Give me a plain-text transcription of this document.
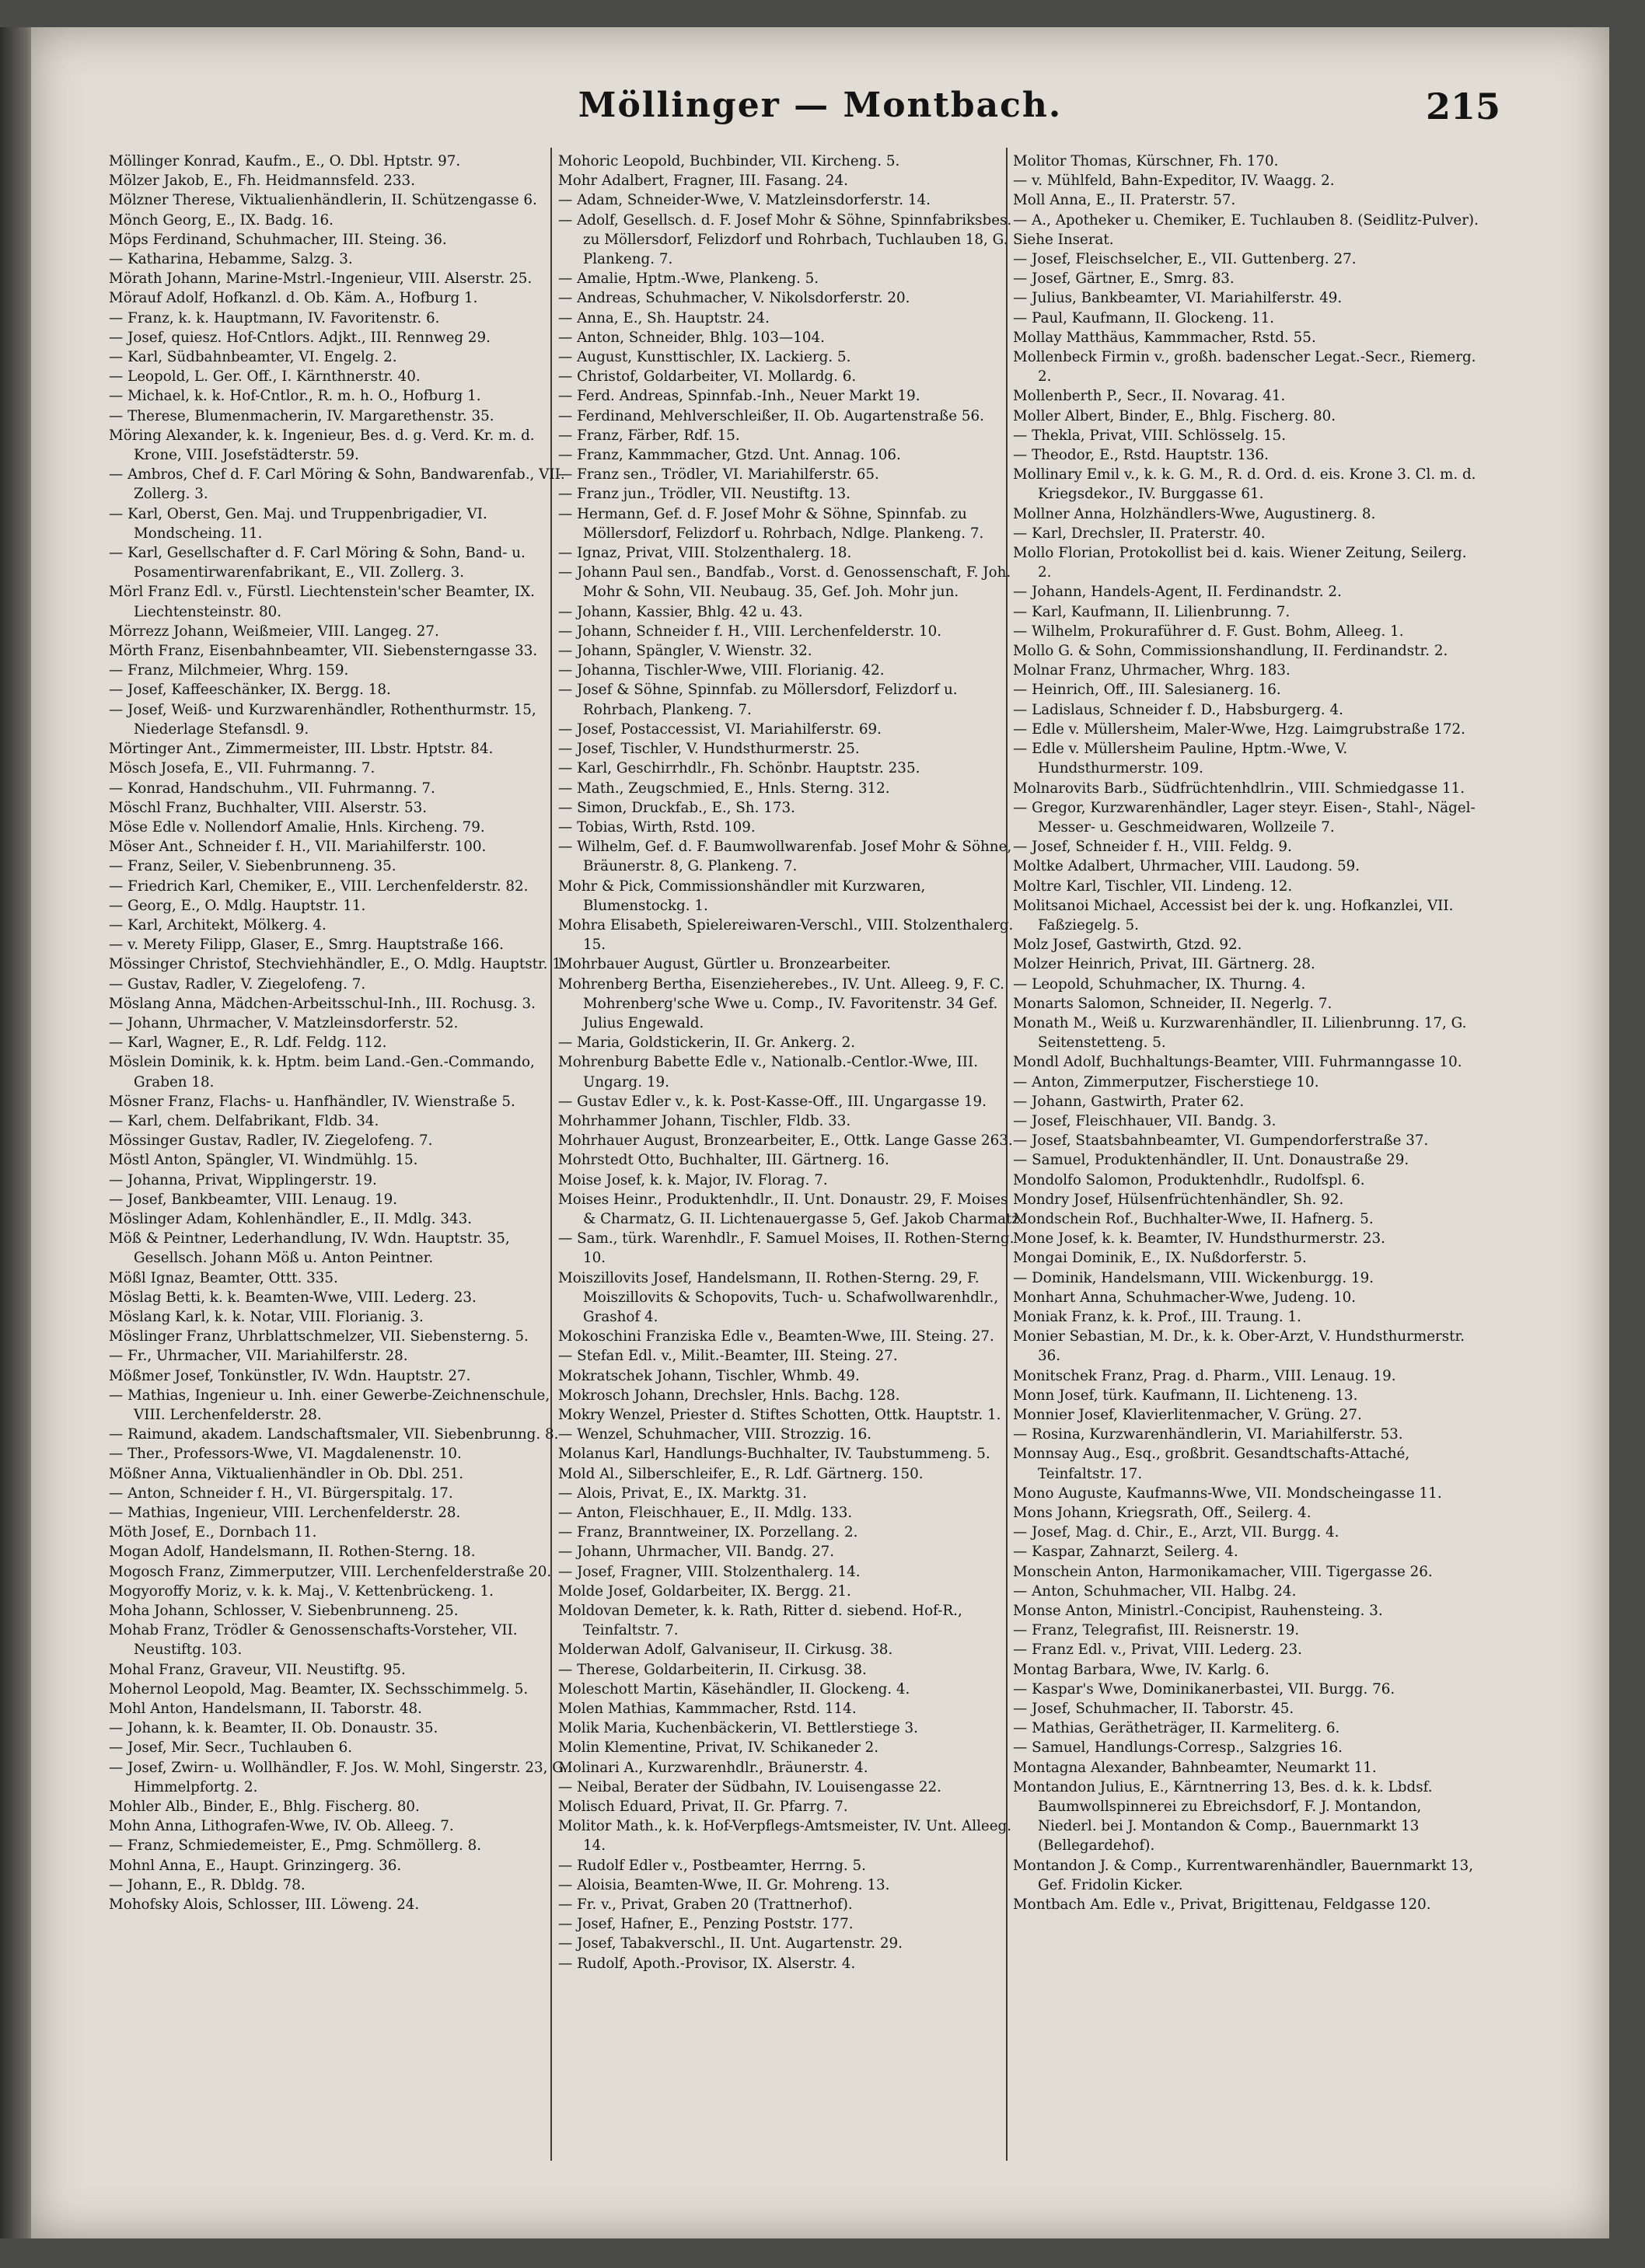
Möllinger — Montbach.	215

Möllinger Konrad, Kaufm., E., O. Dbl. Hptstr. 97.

Mölzer Jakob, E., Fh. Heidmannsfeld. 233.

Mölzner Therese, Viktualienhändlerin, II. Schützengasse 6.

Mönch Georg, E., IX. Badg. 16.

Möps Ferdinand, Schuhmacher, III. Steing. 36.

— Katharina, Hebamme, Salzg. 3.

Mörath Johann, Marine-Mstrl.-Ingenieur, VIII. Alserstr. 25.

Mörauf Adolf, Hofkanzl. d. Ob. Käm. A., Hofburg 1.

— Franz, k. k. Hauptmann, IV. Favoritenstr. 6.

— Josef, quiesz. Hof-Cntlors. Adjkt., III. Rennweg 29.

— Karl, Südbahnbeamter, VI. Engelg. 2.

— Leopold, L. Ger. Off., I. Kärnthnerstr. 40.

— Michael, k. k. Hof-Cntlor., R. m. h. O., Hofburg 1.

— Therese, Blumenmacherin, IV. Margarethenstr. 35.

Möring Alexander, k. k. Ingenieur, Bes. d. g. Verd. Kr. m. d. Krone, VIII. Josefstädterstr. 59.

— Ambros, Chef d. F. Carl Möring & Sohn, Bandwarenfab., VII. Zollerg. 3.

— Karl, Oberst, Gen. Maj. und Truppenbrigadier, VI. Mondscheing. 11.

— Karl, Gesellschafter d. F. Carl Möring & Sohn, Band- u. Posamentirwarenfabrikant, E., VII. Zollerg. 3.

Mörl Franz Edl. v., Fürstl. Liechtenstein'scher Beamter, IX. Liechtensteinstr. 80.

Mörrezz Johann, Weißmeier, VIII. Langeg. 27.

Mörth Franz, Eisenbahnbeamter, VII. Siebensterngasse 33.

— Franz, Milchmeier, Whrg. 159.

— Josef, Kaffeeschänker, IX. Bergg. 18.

— Josef, Weiß- und Kurzwarenhändler, Rothenthurmstr. 15, Niederlage Stefansdl. 9.

Mörtinger Ant., Zimmermeister, III. Lbstr. Hptstr. 84.

Mösch Josefa, E., VII. Fuhrmanng. 7.

— Konrad, Handschuhm., VII. Fuhrmanng. 7.

Möschl Franz, Buchhalter, VIII. Alserstr. 53.

Möse Edle v. Nollendorf Amalie, Hnls. Kircheng. 79.

Möser Ant., Schneider f. H., VII. Mariahilferstr. 100.

— Franz, Seiler, V. Siebenbrunneng. 35.

— Friedrich Karl, Chemiker, E., VIII. Lerchenfelderstr. 82.

— Georg, E., O. Mdlg. Hauptstr. 11.

— Karl, Architekt, Mölkerg. 4.

— v. Merety Filipp, Glaser, E., Smrg. Hauptstraße 166.

Mössinger Christof, Stechviehhändler, E., O. Mdlg. Hauptstr. 1.

— Gustav, Radler, V. Ziegelofeng. 7.

Möslang Anna, Mädchen-Arbeitsschul-Inh., III. Rochusg. 3.

— Johann, Uhrmacher, V. Matzleinsdorferstr. 52.

— Karl, Wagner, E., R. Ldf. Feldg. 112.

Möslein Dominik, k. k. Hptm. beim Land.-Gen.-Commando, Graben 18.

Mösner Franz, Flachs- u. Hanfhändler, IV. Wienstraße 5.

— Karl, chem. Delfabrikant, Fldb. 34.

Mössinger Gustav, Radler, IV. Ziegelofeng. 7.

Möstl Anton, Spängler, VI. Windmühlg. 15.

— Johanna, Privat, Wipplingerstr. 19.

— Josef, Bankbeamter, VIII. Lenaug. 19.

Möslinger Adam, Kohlenhändler, E., II. Mdlg. 343.

Möß & Peintner, Lederhandlung, IV. Wdn. Hauptstr. 35, Gesellsch. Johann Möß u. Anton Peintner.

Mößl Ignaz, Beamter, Ottt. 335.

Möslag Betti, k. k. Beamten-Wwe, VIII. Lederg. 23.

Möslang Karl, k. k. Notar, VIII. Florianig. 3.

Möslinger Franz, Uhrblattschmelzer, VII. Siebensterng. 5.

— Fr., Uhrmacher, VII. Mariahilferstr. 28.

Mößmer Josef, Tonkünstler, IV. Wdn. Hauptstr. 27.

— Mathias, Ingenieur u. Inh. einer Gewerbe-Zeichnenschule, VIII. Lerchenfelderstr. 28.

— Raimund, akadem. Landschaftsmaler, VII. Siebenbrunng. 8.

— Ther., Professors-Wwe, VI. Magdalenenstr. 10.

Mößner Anna, Viktualienhändler in Ob. Dbl. 251.

— Anton, Schneider f. H., VI. Bürgerspitalg. 17.

— Mathias, Ingenieur, VIII. Lerchenfelderstr. 28.

Möth Josef, E., Dornbach 11.

Mogan Adolf, Handelsmann, II. Rothen-Sterng. 18.

Mogosch Franz, Zimmerputzer, VIII. Lerchenfelderstraße 20.

Mogyoroffy Moriz, v. k. k. Maj., V. Kettenbrückeng. 1.

Moha Johann, Schlosser, V. Siebenbrunneng. 25.

Mohab Franz, Trödler & Genossenschafts-Vorsteher, VII. Neustiftg. 103.

Mohal Franz, Graveur, VII. Neustiftg. 95.

Mohernol Leopold, Mag. Beamter, IX. Sechsschimmelg. 5.

Mohl Anton, Handelsmann, II. Taborstr. 48.

— Johann, k. k. Beamter, II. Ob. Donaustr. 35.

— Josef, Mir. Secr., Tuchlauben 6.

— Josef, Zwirn- u. Wollhändler, F. Jos. W. Mohl, Singerstr. 23, G. Himmelpfortg. 2.

Mohler Alb., Binder, E., Bhlg. Fischerg. 80.

Mohn Anna, Lithografen-Wwe, IV. Ob. Alleeg. 7.

— Franz, Schmiedemeister, E., Pmg. Schmöllerg. 8.

Mohnl Anna, E., Haupt. Grinzingerg. 36.

— Johann, E., R. Dbldg. 78.

Mohofsky Alois, Schlosser, III. Löweng. 24.

Mohoric Leopold, Buchbinder, VII. Kircheng. 5.

Mohr Adalbert, Fragner, III. Fasang. 24.

— Adam, Schneider-Wwe, V. Matzleinsdorferstr. 14.

— Adolf, Gesellsch. d. F. Josef Mohr & Söhne, Spinnfabriksbes. zu Möllersdorf, Felizdorf und Rohrbach, Tuchlauben 18, G. Plankeng. 7.

— Amalie, Hptm.-Wwe, Plankeng. 5.

— Andreas, Schuhmacher, V. Nikolsdorferstr. 20.

— Anna, E., Sh. Hauptstr. 24.

— Anton, Schneider, Bhlg. 103—104.

— August, Kunsttischler, IX. Lackierg. 5.

— Christof, Goldarbeiter, VI. Mollardg. 6.

— Ferd. Andreas, Spinnfab.-Inh., Neuer Markt 19.

— Ferdinand, Mehlverschleißer, II. Ob. Augartenstraße 56.

— Franz, Färber, Rdf. 15.

— Franz, Kammmacher, Gtzd. Unt. Annag. 106.

— Franz sen., Trödler, VI. Mariahilferstr. 65.

— Franz jun., Trödler, VII. Neustiftg. 13.

— Hermann, Gef. d. F. Josef Mohr & Söhne, Spinnfab. zu Möllersdorf, Felizdorf u. Rohrbach, Ndlge. Plankeng. 7.

— Ignaz, Privat, VIII. Stolzenthalerg. 18.

— Johann Paul sen., Bandfab., Vorst. d. Genossenschaft, F. Joh. Mohr & Sohn, VII. Neubaug. 35, Gef. Joh. Mohr jun.

— Johann, Kassier, Bhlg. 42 u. 43.

— Johann, Schneider f. H., VIII. Lerchenfelderstr. 10.

— Johann, Spängler, V. Wienstr. 32.

— Johanna, Tischler-Wwe, VIII. Florianig. 42.

— Josef & Söhne, Spinnfab. zu Möllersdorf, Felizdorf u. Rohrbach, Plankeng. 7.

— Josef, Postaccessist, VI. Mariahilferstr. 69.

— Josef, Tischler, V. Hundsthurmerstr. 25.

— Karl, Geschirrhdlr., Fh. Schönbr. Hauptstr. 235.

— Math., Zeugschmied, E., Hnls. Sterng. 312.

— Simon, Druckfab., E., Sh. 173.

— Tobias, Wirth, Rstd. 109.

— Wilhelm, Gef. d. F. Baumwollwarenfab. Josef Mohr & Söhne, Bräunerstr. 8, G. Plankeng. 7.

Mohr & Pick, Commissionshändler mit Kurzwaren, Blumenstockg. 1.

Mohra Elisabeth, Spielereiwaren-Verschl., VIII. Stolzenthalerg. 15.

Mohrbauer August, Gürtler u. Bronzearbeiter.

Mohrenberg Bertha, Eisenzieherebes., IV. Unt. Alleeg. 9, F. C. Mohrenberg'sche Wwe u. Comp., IV. Favoritenstr. 34 Gef. Julius Engewald.

— Maria, Goldstickerin, II. Gr. Ankerg. 2.

Mohrenburg Babette Edle v., Nationalb.-Centlor.-Wwe, III. Ungarg. 19.

— Gustav Edler v., k. k. Post-Kasse-Off., III. Ungargasse 19.

Mohrhammer Johann, Tischler, Fldb. 33.

Mohrhauer August, Bronzearbeiter, E., Ottk. Lange Gasse 263.

Mohrstedt Otto, Buchhalter, III. Gärtnerg. 16.

Moise Josef, k. k. Major, IV. Florag. 7.

Moises Heinr., Produktenhdlr., II. Unt. Donaustr. 29, F. Moises & Charmatz, G. II. Lichtenauergasse 5, Gef. Jakob Charmatz.

— Sam., türk. Warenhdlr., F. Samuel Moises, II. Rothen-Sterng. 10.

Moiszillovits Josef, Handelsmann, II. Rothen-Sterng. 29, F. Moiszillovits & Schopovits, Tuch- u. Schafwollwarenhdlr., Grashof 4.

Mokoschini Franziska Edle v., Beamten-Wwe, III. Steing. 27.

— Stefan Edl. v., Milit.-Beamter, III. Steing. 27.

Mokratschek Johann, Tischler, Whmb. 49.

Mokrosch Johann, Drechsler, Hnls. Bachg. 128.

Mokry Wenzel, Priester d. Stiftes Schotten, Ottk. Hauptstr. 1.

— Wenzel, Schuhmacher, VIII. Strozzig. 16.

Molanus Karl, Handlungs-Buchhalter, IV. Taubstummeng. 5.

Mold Al., Silberschleifer, E., R. Ldf. Gärtnerg. 150.

— Alois, Privat, E., IX. Marktg. 31.

— Anton, Fleischhauer, E., II. Mdlg. 133.

— Franz, Branntweiner, IX. Porzellang. 2.

— Johann, Uhrmacher, VII. Bandg. 27.

— Josef, Fragner, VIII. Stolzenthalerg. 14.

Molde Josef, Goldarbeiter, IX. Bergg. 21.

Moldovan Demeter, k. k. Rath, Ritter d. siebend. Hof-R., Teinfaltstr. 7.

Molderwan Adolf, Galvaniseur, II. Cirkusg. 38.

— Therese, Goldarbeiterin, II. Cirkusg. 38.

Moleschott Martin, Käsehändler, II. Glockeng. 4.

Molen Mathias, Kammmacher, Rstd. 114.

Molik Maria, Kuchenbäckerin, VI. Bettlerstiege 3.

Molin Klementine, Privat, IV. Schikaneder 2.

Molinari A., Kurzwarenhdlr., Bräunerstr. 4.

— Neibal, Berater der Südbahn, IV. Louisengasse 22.

Molisch Eduard, Privat, II. Gr. Pfarrg. 7.

Molitor Math., k. k. Hof-Verpflegs-Amtsmeister, IV. Unt. Alleeg. 14.

— Rudolf Edler v., Postbeamter, Herrng. 5.

— Aloisia, Beamten-Wwe, II. Gr. Mohreng. 13.

— Fr. v., Privat, Graben 20 (Trattnerhof).

— Josef, Hafner, E., Penzing Poststr. 177.

— Josef, Tabakverschl., II. Unt. Augartenstr. 29.

— Rudolf, Apoth.-Provisor, IX. Alserstr. 4.

Molitor Thomas, Kürschner, Fh. 170.

— v. Mühlfeld, Bahn-Expeditor, IV. Waagg. 2.

Moll Anna, E., II. Praterstr. 57.

— A., Apotheker u. Chemiker, E. Tuchlauben 8. (Seidlitz-Pulver).

Siehe Inserat.

— Josef, Fleischselcher, E., VII. Guttenberg. 27.

— Josef, Gärtner, E., Smrg. 83.

— Julius, Bankbeamter, VI. Mariahilferstr. 49.

— Paul, Kaufmann, II. Glockeng. 11.

Mollay Matthäus, Kammmacher, Rstd. 55.

Mollenbeck Firmin v., großh. badenscher Legat.-Secr., Riemerg. 2.

Mollenberth P., Secr., II. Novarag. 41.

Moller Albert, Binder, E., Bhlg. Fischerg. 80.

— Thekla, Privat, VIII. Schlösselg. 15.

— Theodor, E., Rstd. Hauptstr. 136.

Mollinary Emil v., k. k. G. M., R. d. Ord. d. eis. Krone 3. Cl. m. d. Kriegsdekor., IV. Burggasse 61.

Mollner Anna, Holzhändlers-Wwe, Augustinerg. 8.

— Karl, Drechsler, II. Praterstr. 40.

Mollo Florian, Protokollist bei d. kais. Wiener Zeitung, Seilerg. 2.

— Johann, Handels-Agent, II. Ferdinandstr. 2.

— Karl, Kaufmann, II. Lilienbrunng. 7.

— Wilhelm, Prokuraführer d. F. Gust. Bohm, Alleeg. 1.

Mollo G. & Sohn, Commissionshandlung, II. Ferdinandstr. 2.

Molnar Franz, Uhrmacher, Whrg. 183.

— Heinrich, Off., III. Salesianerg. 16.

— Ladislaus, Schneider f. D., Habsburgerg. 4.

— Edle v. Müllersheim, Maler-Wwe, Hzg. Laimgrubstraße 172.

— Edle v. Müllersheim Pauline, Hptm.-Wwe, V. Hundsthurmerstr. 109.

Molnarovits Barb., Südfrüchtenhdlrin., VIII. Schmiedgasse 11.

— Gregor, Kurzwarenhändler, Lager steyr. Eisen-, Stahl-, Nägel- Messer- u. Geschmeidwaren, Wollzeile 7.

— Josef, Schneider f. H., VIII. Feldg. 9.

Moltke Adalbert, Uhrmacher, VIII. Laudong. 59.

Moltre Karl, Tischler, VII. Lindeng. 12.

Molitsanoi Michael, Accessist bei der k. ung. Hofkanzlei, VII. Faßziegelg. 5.

Molz Josef, Gastwirth, Gtzd. 92.

Molzer Heinrich, Privat, III. Gärtnerg. 28.

— Leopold, Schuhmacher, IX. Thurng. 4.

Monarts Salomon, Schneider, II. Negerlg. 7.

Monath M., Weiß u. Kurzwarenhändler, II. Lilienbrunng. 17, G. Seitenstetteng. 5.

Mondl Adolf, Buchhaltungs-Beamter, VIII. Fuhrmanngasse 10.

— Anton, Zimmerputzer, Fischerstiege 10.

— Johann, Gastwirth, Prater 62.

— Josef, Fleischhauer, VII. Bandg. 3.

— Josef, Staatsbahnbeamter, VI. Gumpendorferstraße 37.

— Samuel, Produktenhändler, II. Unt. Donaustraße 29.

Mondolfo Salomon, Produktenhdlr., Rudolfspl. 6.

Mondry Josef, Hülsenfrüchtenhändler, Sh. 92.

Mondschein Rof., Buchhalter-Wwe, II. Hafnerg. 5.

Mone Josef, k. k. Beamter, IV. Hundsthurmerstr. 23.

Mongai Dominik, E., IX. Nußdorferstr. 5.

— Dominik, Handelsmann, VIII. Wickenburgg. 19.

Monhart Anna, Schuhmacher-Wwe, Judeng. 10.

Moniak Franz, k. k. Prof., III. Traung. 1.

Monier Sebastian, M. Dr., k. k. Ober-Arzt, V. Hundsthurmerstr. 36.

Monitschek Franz, Prag. d. Pharm., VIII. Lenaug. 19.

Monn Josef, türk. Kaufmann, II. Lichteneng. 13.

Monnier Josef, Klavierlitenmacher, V. Grüng. 27.

— Rosina, Kurzwarenhändlerin, VI. Mariahilferstr. 53.

Monnsay Aug., Esq., großbrit. Gesandtschafts-Attaché, Teinfaltstr. 17.

Mono Auguste, Kaufmanns-Wwe, VII. Mondscheingasse 11.

Mons Johann, Kriegsrath, Off., Seilerg. 4.

— Josef, Mag. d. Chir., E., Arzt, VII. Burgg. 4.

— Kaspar, Zahnarzt, Seilerg. 4.

Monschein Anton, Harmonikamacher, VIII. Tigergasse 26.

— Anton, Schuhmacher, VII. Halbg. 24.

Monse Anton, Ministrl.-Concipist, Rauhensteing. 3.

— Franz, Telegrafist, III. Reisnerstr. 19.

— Franz Edl. v., Privat, VIII. Lederg. 23.

Montag Barbara, Wwe, IV. Karlg. 6.

— Kaspar's Wwe, Dominikanerbastei, VII. Burgg. 76.

— Josef, Schuhmacher, II. Taborstr. 45.

— Mathias, Gerätheträger, II. Karmeliterg. 6.

— Samuel, Handlungs-Corresp., Salzgries 16.

Montagna Alexander, Bahnbeamter, Neumarkt 11.

Montandon Julius, E., Kärntnerring 13, Bes. d. k. k. Lbdsf. Baumwollspinnerei zu Ebreichsdorf, F. J. Montandon, Niederl. bei J. Montandon & Comp., Bauernmarkt 13 (Bellegardehof).

Montandon J. & Comp., Kurrentwarenhändler, Bauernmarkt 13, Gef. Fridolin Kicker.

Montbach Am. Edle v., Privat, Brigittenau, Feldgasse 120.
